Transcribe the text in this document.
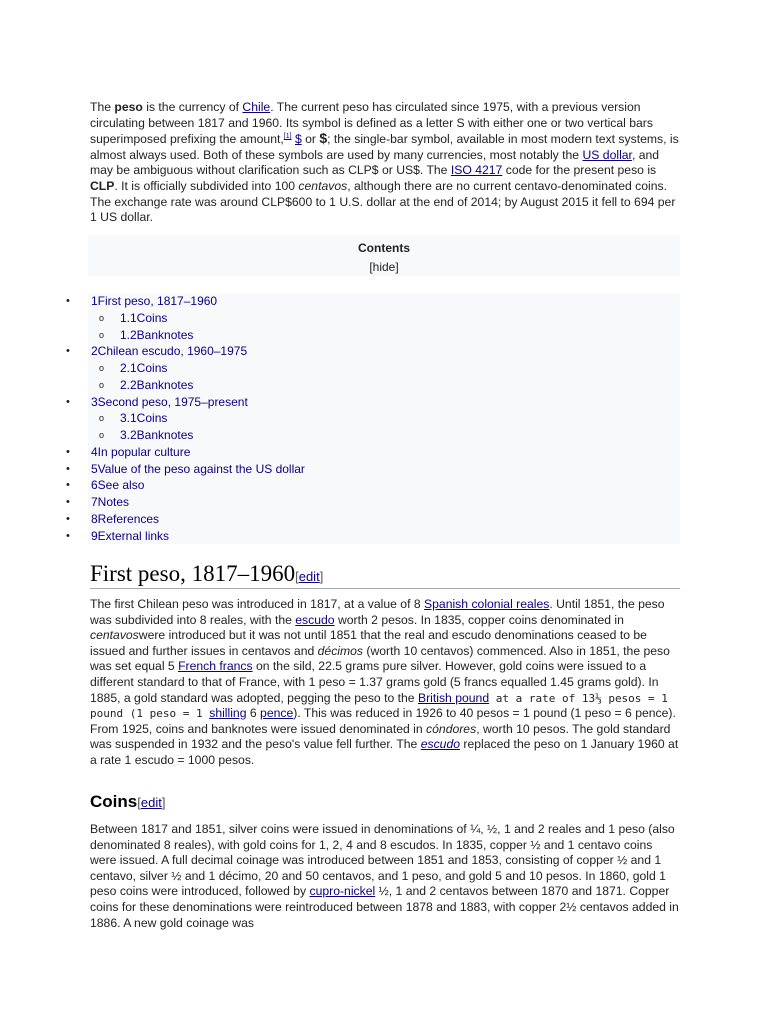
The peso is the currency of Chile. The current peso has circulated since 1975, with a previous version circulating between 1817 and 1960. Its symbol is defined as a letter S with either one or two vertical bars superimposed prefixing the amount,[1] $ or $; the single-bar symbol, available in most modern text systems, is almost always used. Both of these symbols are used by many currencies, most notably the US dollar, and may be ambiguous without clarification such as CLP$ or US$. The ISO 4217 code for the present peso is CLP. It is officially subdivided into 100 centavos, although there are no current centavo-denominated coins. The exchange rate was around CLP$600 to 1 U.S. dollar at the end of 2014; by August 2015 it fell to 694 per 1 US dollar.

Contents
[hide]
• 1First peso, 1817–1960
o 1.1Coins
o 1.2Banknotes
• 2Chilean escudo, 1960–1975
o 2.1Coins
o 2.2Banknotes
• 3Second peso, 1975–present
o 3.1Coins
o 3.2Banknotes
• 4In popular culture
• 5Value of the peso against the US dollar
• 6See also
• 7Notes
• 8References
• 9External links
First peso, 1817–1960[edit]

The first Chilean peso was introduced in 1817, at a value of 8 Spanish colonial reales. Until 1851, the peso was subdivided into 8 reales, with the escudo worth 2 pesos. In 1835, copper coins denominated in centavoswere introduced but it was not until 1851 that the real and escudo denominations ceased to be issued and further issues in centavos and décimos (worth 10 centavos) commenced. Also in 1851, the peso was set equal 5 French francs on the sild, 22.5 grams pure silver. However, gold coins were issued to a different standard to that of France, with 1 peso = 1.37 grams gold (5 francs equalled 1.45 grams gold). In 1885, a gold standard was adopted, pegging the peso to the British pound at a rate of 13⅓ pesos = 1 pound (1 peso = 1 shilling 6 pence). This was reduced in 1926 to 40 pesos = 1 pound (1 peso = 6 pence). From 1925, coins and banknotes were issued denominated in cóndores, worth 10 pesos. The gold standard was suspended in 1932 and the peso's value fell further. The escudo replaced the peso on 1 January 1960 at a rate 1 escudo = 1000 pesos.

Coins[edit]

Between 1817 and 1851, silver coins were issued in denominations of ¼, ½, 1 and 2 reales and 1 peso (also denominated 8 reales), with gold coins for 1, 2, 4 and 8 escudos. In 1835, copper ½ and 1 centavo coins were issued. A full decimal coinage was introduced between 1851 and 1853, consisting of copper ½ and 1 centavo, silver ½ and 1 décimo, 20 and 50 centavos, and 1 peso, and gold 5 and 10 pesos. In 1860, gold 1 peso coins were introduced, followed by cupro-nickel ½, 1 and 2 centavos between 1870 and 1871. Copper coins for these denominations were reintroduced between 1878 and 1883, with copper 2½ centavos added in 1886. A new gold coinage was
